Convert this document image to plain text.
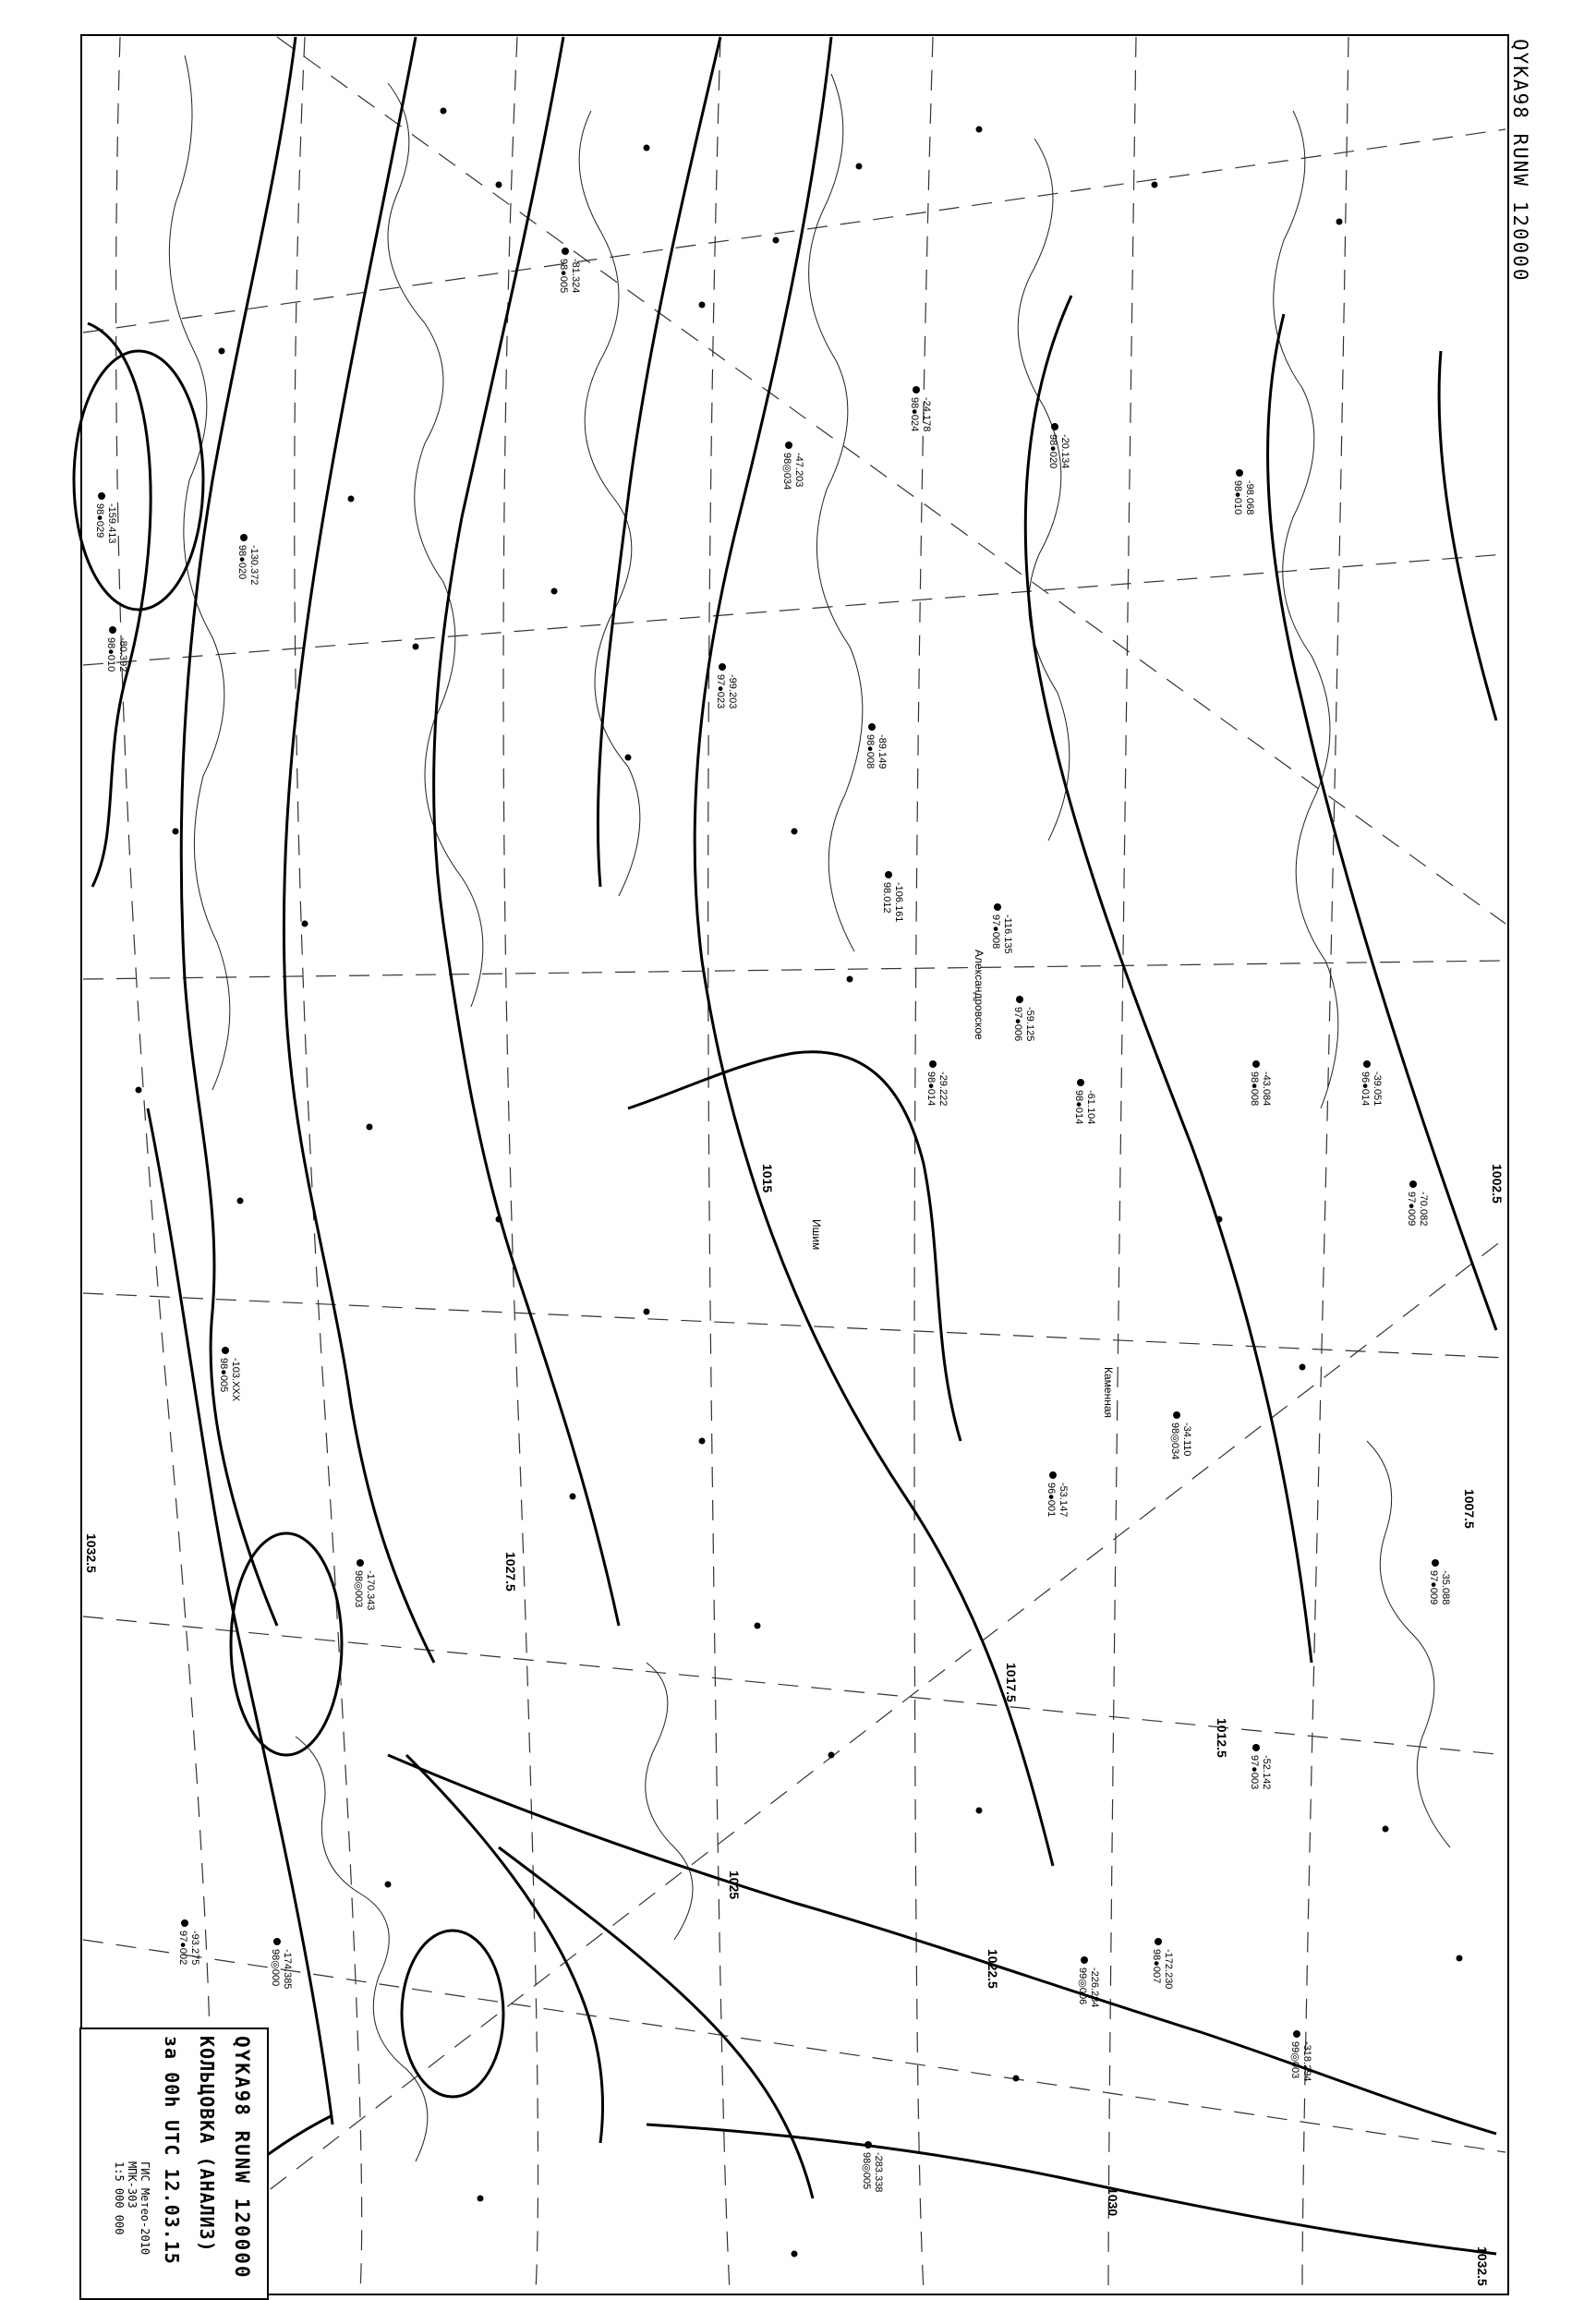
1032.5
1030
1027.5
1025
1022.5
1017.5
1015
1012.5
1007.5
1002.5
1032.5
Александровское
Каменная
Ишим
-99.203
97●023
-81.324
98●005
-47.203
98◎034
-106.161
98.012
-116.135
97●008
-59.125
97●006
-61.104
98●014
-43.084
98●008	-39.051
96●014
-34.110
98◎034
-52.142
97●003
-172.230
98●007
-226.284
99◎006
-283.338
98◎005
-318.294
99◎003
-159.413
98●029
-130.372
98●020
-80.392
98●010
-103.XXX
98●005
-174.385
98◎000
-170.343
98◎003
-93.275
97●002
-24.178
98●024
-20.134
98●020
-98.068
98●010
-70.082
97●009
-29.222
98●014
-89.149
98●008
-53.147
96●001
-35.088
97●009
QYKA98 RUNW 120000
QYKA98 RUNW 120000
КОЛЬЦОВКА (АНАЛИЗ)
за 00h UTC 12.03.15
ГИС Метео-2010
МПК-303
1:5 000 000
